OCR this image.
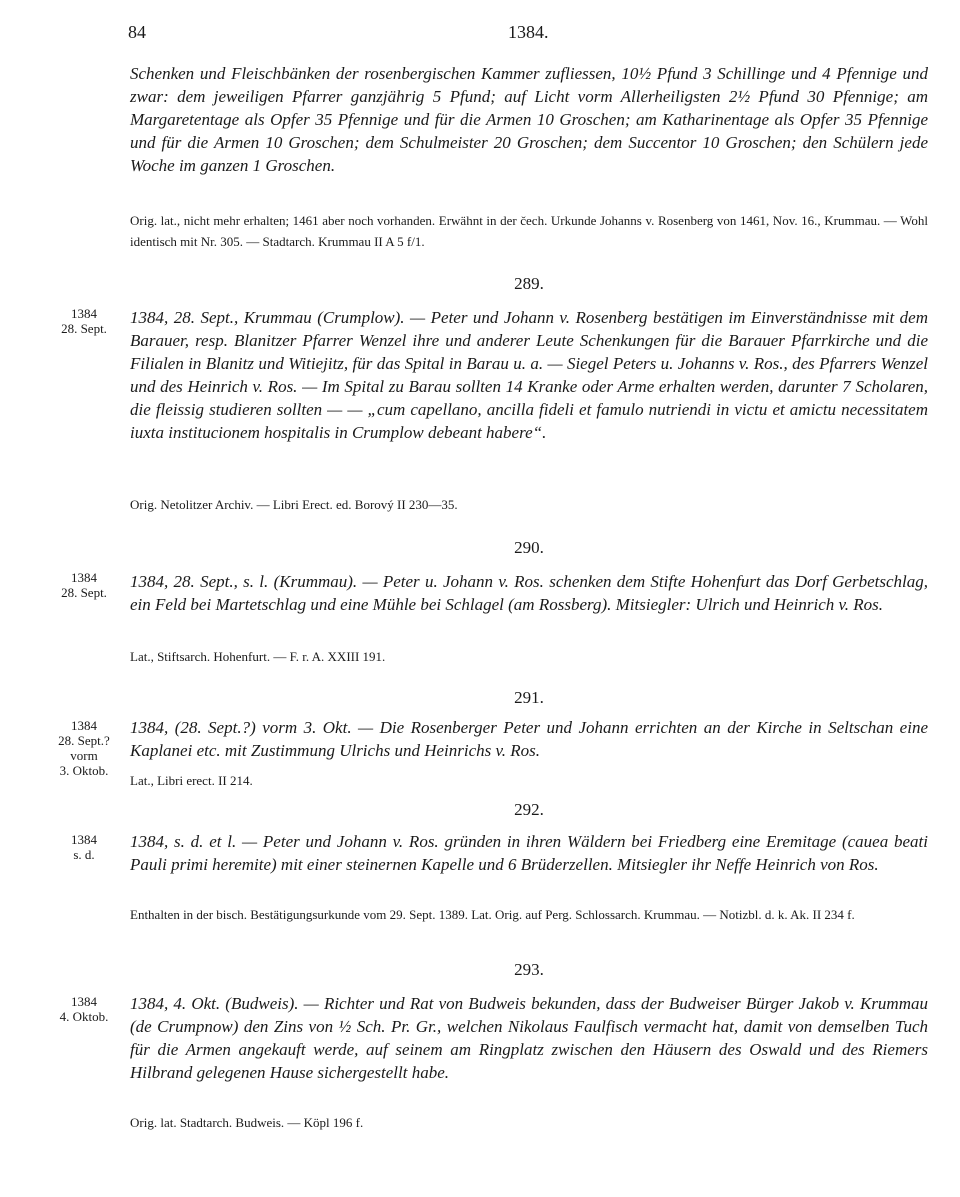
84	1384.
Schenken und Fleischbänken der rosenbergischen Kammer zufliessen, 10½ Pfund 3 Schillinge und 4 Pfennige und zwar: dem jeweiligen Pfarrer ganzjährig 5 Pfund; auf Licht vorm Allerheiligsten 2½ Pfund 30 Pfennige; am Margaretentage als Opfer 35 Pfennige und für die Armen 10 Groschen; am Katharinentage als Opfer 35 Pfennige und für die Armen 10 Groschen; dem Schulmeister 20 Groschen; dem Succentor 10 Groschen; den Schülern jede Woche im ganzen 1 Groschen.
Orig. lat., nicht mehr erhalten; 1461 aber noch vorhanden. Erwähnt in der čech. Urkunde Johanns v. Rosenberg von 1461, Nov. 16., Krummau. — Wohl identisch mit Nr. 305. — Stadtarch. Krummau II A 5 f/1.
289.
1384
28. Sept.
1384, 28. Sept., Krummau (Crumplow). — Peter und Johann v. Rosenberg bestätigen im Einverständnisse mit dem Barauer, resp. Blanitzer Pfarrer Wenzel ihre und anderer Leute Schenkungen für die Barauer Pfarrkirche und die Filialen in Blanitz und Witiejitz, für das Spital in Barau u. a. — Siegel Peters u. Johanns v. Ros., des Pfarrers Wenzel und des Heinrich v. Ros. — Im Spital zu Barau sollten 14 Kranke oder Arme erhalten werden, darunter 7 Scholaren, die fleissig studieren sollten — — „cum capellano, ancilla fideli et famulo nutriendi in victu et amictu necessitatem iuxta institucionem hospitalis in Crumplow debeant habere“.
Orig. Netolitzer Archiv. — Libri Erect. ed. Borový II 230—35.
290.
1384
28. Sept.
1384, 28. Sept., s. l. (Krummau). — Peter u. Johann v. Ros. schenken dem Stifte Hohenfurt das Dorf Gerbetschlag, ein Feld bei Martetschlag und eine Mühle bei Schlagel (am Rossberg). Mitsiegler: Ulrich und Heinrich v. Ros.
Lat., Stiftsarch. Hohenfurt. — F. r. A. XXIII 191.
291.
1384
28. Sept.?
vorm
3. Oktob.
1384, (28. Sept.?) vorm 3. Okt. — Die Rosenberger Peter und Johann errichten an der Kirche in Seltschan eine Kaplanei etc. mit Zustimmung Ulrichs und Heinrichs v. Ros.
Lat., Libri erect. II 214.
292.
1384
s. d.
1384, s. d. et l. — Peter und Johann v. Ros. gründen in ihren Wäldern bei Friedberg eine Eremitage (cauea beati Pauli primi heremite) mit einer steinernen Kapelle und 6 Brüderzellen. Mitsiegler ihr Neffe Heinrich von Ros.
Enthalten in der bisch. Bestätigungsurkunde vom 29. Sept. 1389. Lat. Orig. auf Perg. Schlossarch. Krummau. — Notizbl. d. k. Ak. II 234 f.
293.
1384
4. Oktob.
1384, 4. Okt. (Budweis). — Richter und Rat von Budweis bekunden, dass der Budweiser Bürger Jakob v. Krummau (de Crumpnow) den Zins von ½ Sch. Pr. Gr., welchen Nikolaus Faulfisch vermacht hat, damit von demselben Tuch für die Armen angekauft werde, auf seinem am Ringplatz zwischen den Häusern des Oswald und des Riemers Hilbrand gelegenen Hause sichergestellt habe.
Orig. lat. Stadtarch. Budweis. — Köpl 196 f.
